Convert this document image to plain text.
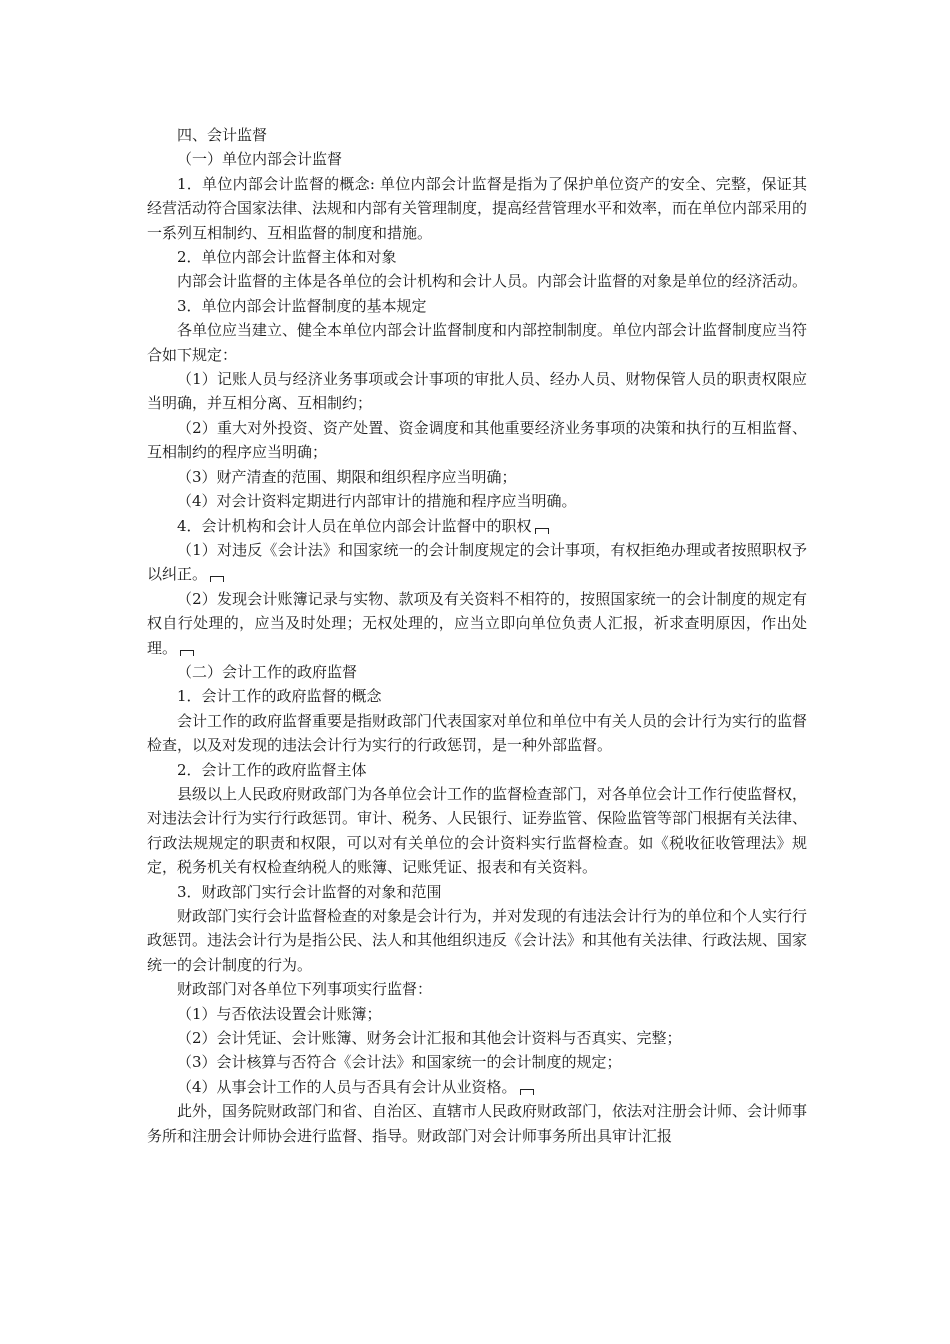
四、会计监督

（一）单位内部会计监督

1．单位内部会计监督的概念: 单位内部会计监督是指为了保护单位资产的安全、完整，保证其经营活动符合国家法律、法规和内部有关管理制度，提高经营管理水平和效率，而在单位内部采用的一系列互相制约、互相监督的制度和措施。

2．单位内部会计监督主体和对象

内部会计监督的主体是各单位的会计机构和会计人员。内部会计监督的对象是单位的经济活动。

3．单位内部会计监督制度的基本规定

各单位应当建立、健全本单位内部会计监督制度和内部控制制度。单位内部会计监督制度应当符合如下规定：

（1）记账人员与经济业务事项或会计事项的审批人员、经办人员、财物保管人员的职责权限应当明确，并互相分离、互相制约；

（2）重大对外投资、资产处置、资金调度和其他重要经济业务事项的决策和执行的互相监督、互相制约的程序应当明确；

（3）财产清查的范围、期限和组织程序应当明确；

（4）对会计资料定期进行内部审计的措施和程序应当明确。

4．会计机构和会计人员在单位内部会计监督中的职权

（1）对违反《会计法》和国家统一的会计制度规定的会计事项，有权拒绝办理或者按照职权予以纠正。

（2）发现会计账簿记录与实物、款项及有关资料不相符的，按照国家统一的会计制度的规定有权自行处理的，应当及时处理；无权处理的，应当立即向单位负责人汇报，祈求查明原因，作出处理。

（二）会计工作的政府监督

1．会计工作的政府监督的概念

会计工作的政府监督重要是指财政部门代表国家对单位和单位中有关人员的会计行为实行的监督检查，以及对发现的违法会计行为实行的行政惩罚，是一种外部监督。

2．会计工作的政府监督主体

县级以上人民政府财政部门为各单位会计工作的监督检查部门，对各单位会计工作行使监督权，对违法会计行为实行行政惩罚。审计、税务、人民银行、证券监管、保险监管等部门根据有关法律、行政法规规定的职责和权限，可以对有关单位的会计资料实行监督检查。如《税收征收管理法》规定，税务机关有权检查纳税人的账簿、记账凭证、报表和有关资料。

3．财政部门实行会计监督的对象和范围

财政部门实行会计监督检查的对象是会计行为，并对发现的有违法会计行为的单位和个人实行行政惩罚。违法会计行为是指公民、法人和其他组织违反《会计法》和其他有关法律、行政法规、国家统一的会计制度的行为。

财政部门对各单位下列事项实行监督：

（1）与否依法设置会计账簿；

（2）会计凭证、会计账簿、财务会计汇报和其他会计资料与否真实、完整；

（3）会计核算与否符合《会计法》和国家统一的会计制度的规定；

（4）从事会计工作的人员与否具有会计从业资格。

此外，国务院财政部门和省、自治区、直辖市人民政府财政部门，依法对注册会计师、会计师事务所和注册会计师协会进行监督、指导。财政部门对会计师事务所出具审计汇报
